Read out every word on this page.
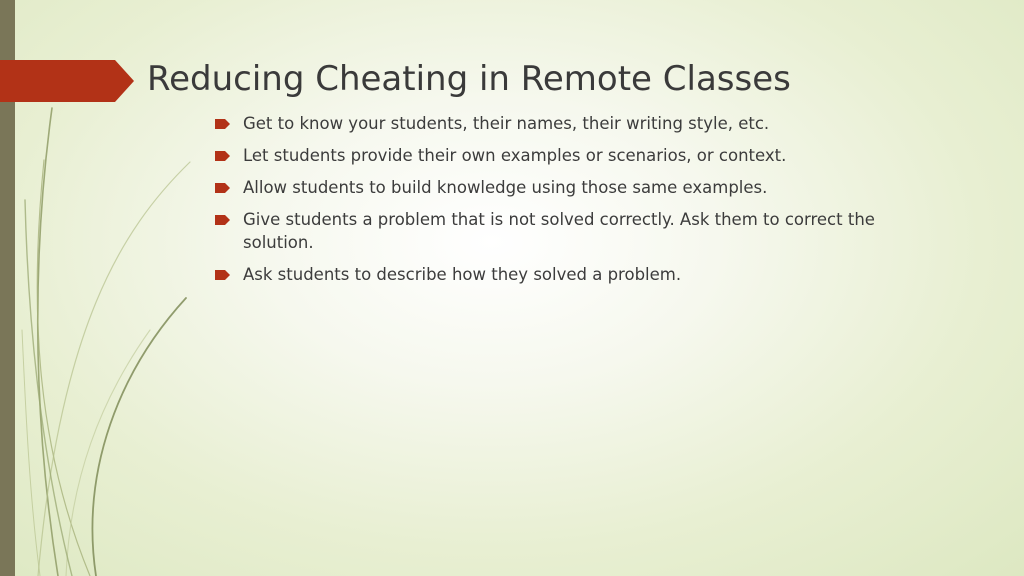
Reducing Cheating in Remote Classes
Get to know your students, their names, their writing style, etc.
Let students provide their own examples or scenarios, or context.
Allow students to build knowledge using those same examples.
Give students a problem that is not solved correctly. Ask them to correct the solution.
Ask students to describe how they solved a problem.
